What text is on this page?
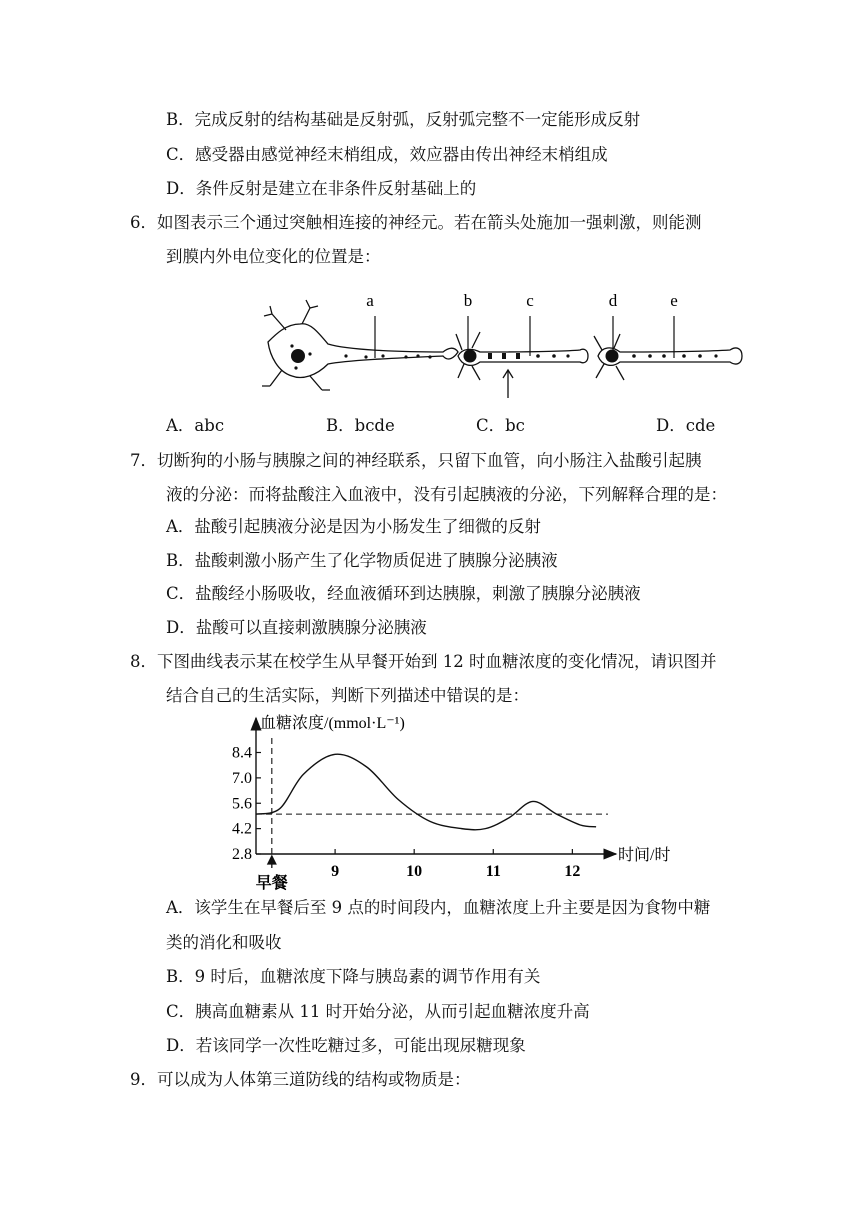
B．完成反射的结构基础是反射弧，反射弧完整不一定能形成反射
C．感受器由感觉神经末梢组成，效应器由传出神经末梢组成
D．条件反射是建立在非条件反射基础上的
6．如图表示三个通过突触相连接的神经元。若在箭头处施加一强刺激，则能测
到膜内外电位变化的位置是：
a	b	c	d	e
A．abc	B．bcde	C．bc	D．cde
7．切断狗的小肠与胰腺之间的神经联系，只留下血管，向小肠注入盐酸引起胰
液的分泌：而将盐酸注入血液中，没有引起胰液的分泌，下列解释合理的是：
A．盐酸引起胰液分泌是因为小肠发生了细微的反射
B．盐酸刺激小肠产生了化学物质促进了胰腺分泌胰液
C．盐酸经小肠吸收，经血液循环到达胰腺，刺激了胰腺分泌胰液
D．盐酸可以直接刺激胰腺分泌胰液
8．下图曲线表示某在校学生从早餐开始到 12 时血糖浓度的变化情况，请识图并
结合自己的生活实际，判断下列描述中错误的是：
血糖浓度/(mmol·L⁻¹)
时间/时
8.4
7.0
5.6
4.2
2.8
9	10	11	12
早餐
A．该学生在早餐后至 9 点的时间段内，血糖浓度上升主要是因为食物中糖
类的消化和吸收
B．9 时后，血糖浓度下降与胰岛素的调节作用有关
C．胰高血糖素从 11 时开始分泌，从而引起血糖浓度升高
D．若该同学一次性吃糖过多，可能出现尿糖现象
9．可以成为人体第三道防线的结构或物质是：
